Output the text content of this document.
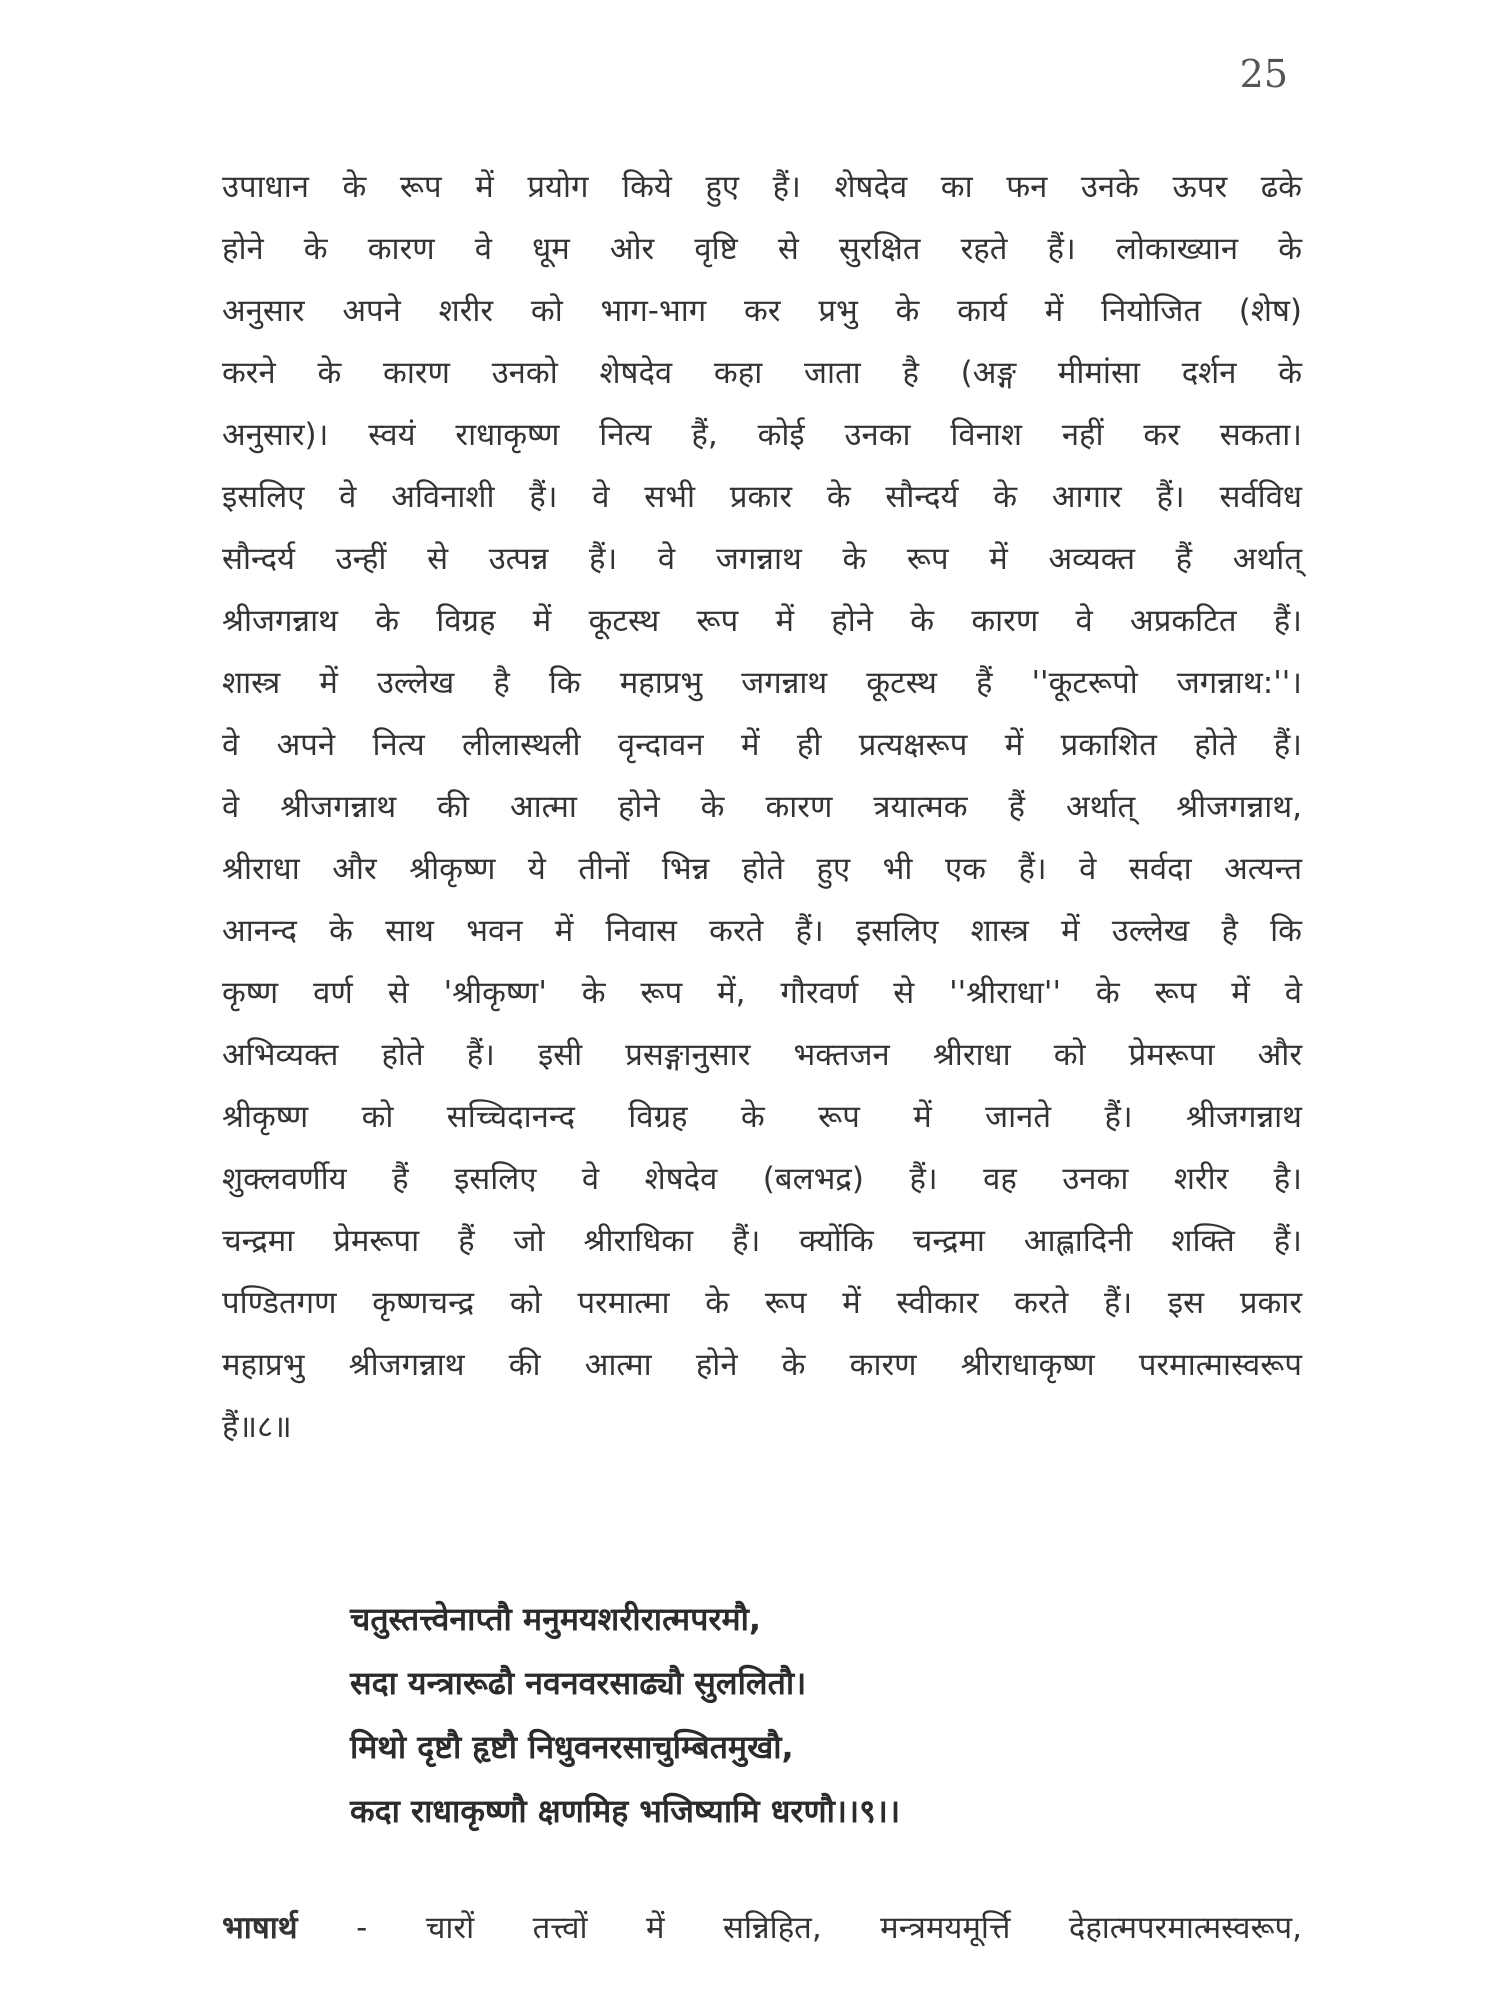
25
उपाधान के रूप में प्रयोग किये हुए हैं। शेषदेव का फन उनके ऊपर ढके
होने के कारण वे धूम ओर वृष्टि से सुरक्षित रहते हैं। लोकाख्यान के
अनुसार अपने शरीर को भाग-भाग कर प्रभु के कार्य में नियोजित (शेष)
करने के कारण उनको शेषदेव कहा जाता है (अङ्ग मीमांसा दर्शन के
अनुसार)। स्वयं राधाकृष्ण नित्य हैं, कोई उनका विनाश नहीं कर सकता।
इसलिए वे अविनाशी हैं। वे सभी प्रकार के सौन्दर्य के आगार हैं। सर्वविध
सौन्दर्य उन्हीं से उत्पन्न हैं। वे जगन्नाथ के रूप में अव्यक्त हैं अर्थात्
श्रीजगन्नाथ के विग्रह में कूटस्थ रूप में होने के कारण वे अप्रकटित हैं।
शास्त्र में उल्लेख है कि महाप्रभु जगन्नाथ कूटस्थ हैं ''कूटरूपो जगन्नाथ:''।
वे अपने नित्य लीलास्थली वृन्दावन में ही प्रत्यक्षरूप में प्रकाशित होते हैं।
वे श्रीजगन्नाथ की आत्मा होने के कारण त्रयात्मक हैं अर्थात् श्रीजगन्नाथ,
श्रीराधा और श्रीकृष्ण ये तीनों भिन्न होते हुए भी एक हैं। वे सर्वदा अत्यन्त
आनन्द के साथ भवन में निवास करते हैं। इसलिए शास्त्र में उल्लेख है कि
कृष्ण वर्ण से 'श्रीकृष्ण' के रूप में, गौरवर्ण से ''श्रीराधा'' के रूप में वे
अभिव्यक्त होते हैं। इसी प्रसङ्गानुसार भक्तजन श्रीराधा को प्रेमरूपा और
श्रीकृष्ण को सच्चिदानन्द विग्रह के रूप में जानते हैं। श्रीजगन्नाथ
शुक्लवर्णीय हैं इसलिए वे शेषदेव (बलभद्र) हैं। वह उनका शरीर है।
चन्द्रमा प्रेमरूपा हैं जो श्रीराधिका हैं। क्योंकि चन्द्रमा आह्लादिनी शक्ति हैं।
पण्डितगण कृष्णचन्द्र को परमात्मा के रूप में स्वीकार करते हैं। इस प्रकार
महाप्रभु श्रीजगन्नाथ की आत्मा होने के कारण श्रीराधाकृष्ण परमात्मास्वरूप
हैं॥८॥
चतुस्तत्त्वेनाप्तौ मनुमयशरीरात्मपरमौ,
सदा यन्त्रारूढौ नवनवरसाढ्यौ सुललितौ।
मिथो दृष्टौ हृष्टौ निधुवनरसाचुम्बितमुखौ,
कदा राधाकृष्णौ क्षणमिह भजिष्यामि धरणौ।।९।।
भाषार्थ - चारों तत्त्वों में सन्निहित, मन्त्रमयमूर्त्ति देहात्मपरमात्मस्वरूप,
